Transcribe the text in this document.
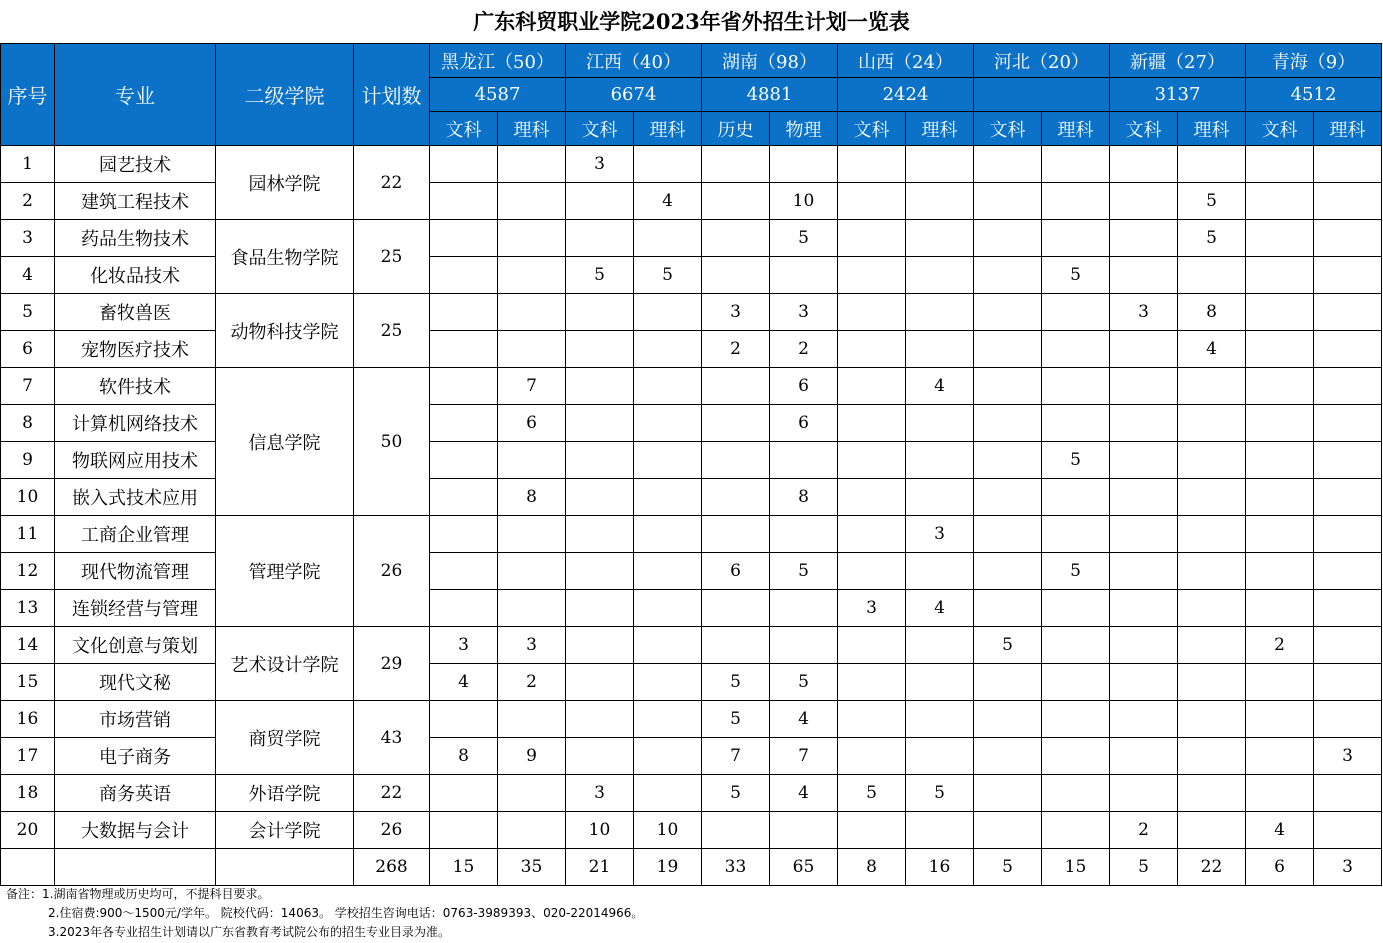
广东科贸职业学院2023年省外招生计划一览表
序号	专业	二级学院	计划数	黑龙江（50）		江西（40）		湖南（98）		山西（24）		河北（20）		新疆（27）		青海（9）	
				4587		6674		4881		2424				3137		4512	
				文科	理科	文科	理科	历史	物理	文科	理科	文科	理科	文科	理科	文科	理科
1	园艺技术	园林学院	22			3											
2	建筑工程技术						4		10						5		
3	药品生物技术	食品生物学院	25						5						5		
4	化妆品技术					5	5						5				
5	畜牧兽医	动物科技学院	25					3	3					3	8		
6	宠物医疗技术							2	2						4		
7	软件技术	信息学院	50		7				6		4						
8	计算机网络技术				6				6								
9	物联网应用技术												5				
10	嵌入式技术应用				8				8								
11	工商企业管理	管理学院	26								3						
12	现代物流管理							6	5				5				
13	连锁经营与管理									3	4						
14	文化创意与策划	艺术设计学院	29	3	3							5				2	
15	现代文秘			4	2			5	5								
16	市场营销	商贸学院	43					5	4								
17	电子商务			8	9			7	7								3
18	商务英语	外语学院	22			3		5	4	5	5						
20	大数据与会计	会计学院	26			10	10							2		4	
			268	15	35	21	19	33	65	8	16	5	15	5	22	6	3
备注：1.湖南省物理或历史均可，不提科目要求。
2.住宿费:900～1500元/学年。 院校代码：14063。 学校招生咨询电话：0763-3989393、020-22014966。
3.2023年各专业招生计划请以广东省教育考试院公布的招生专业目录为准。
